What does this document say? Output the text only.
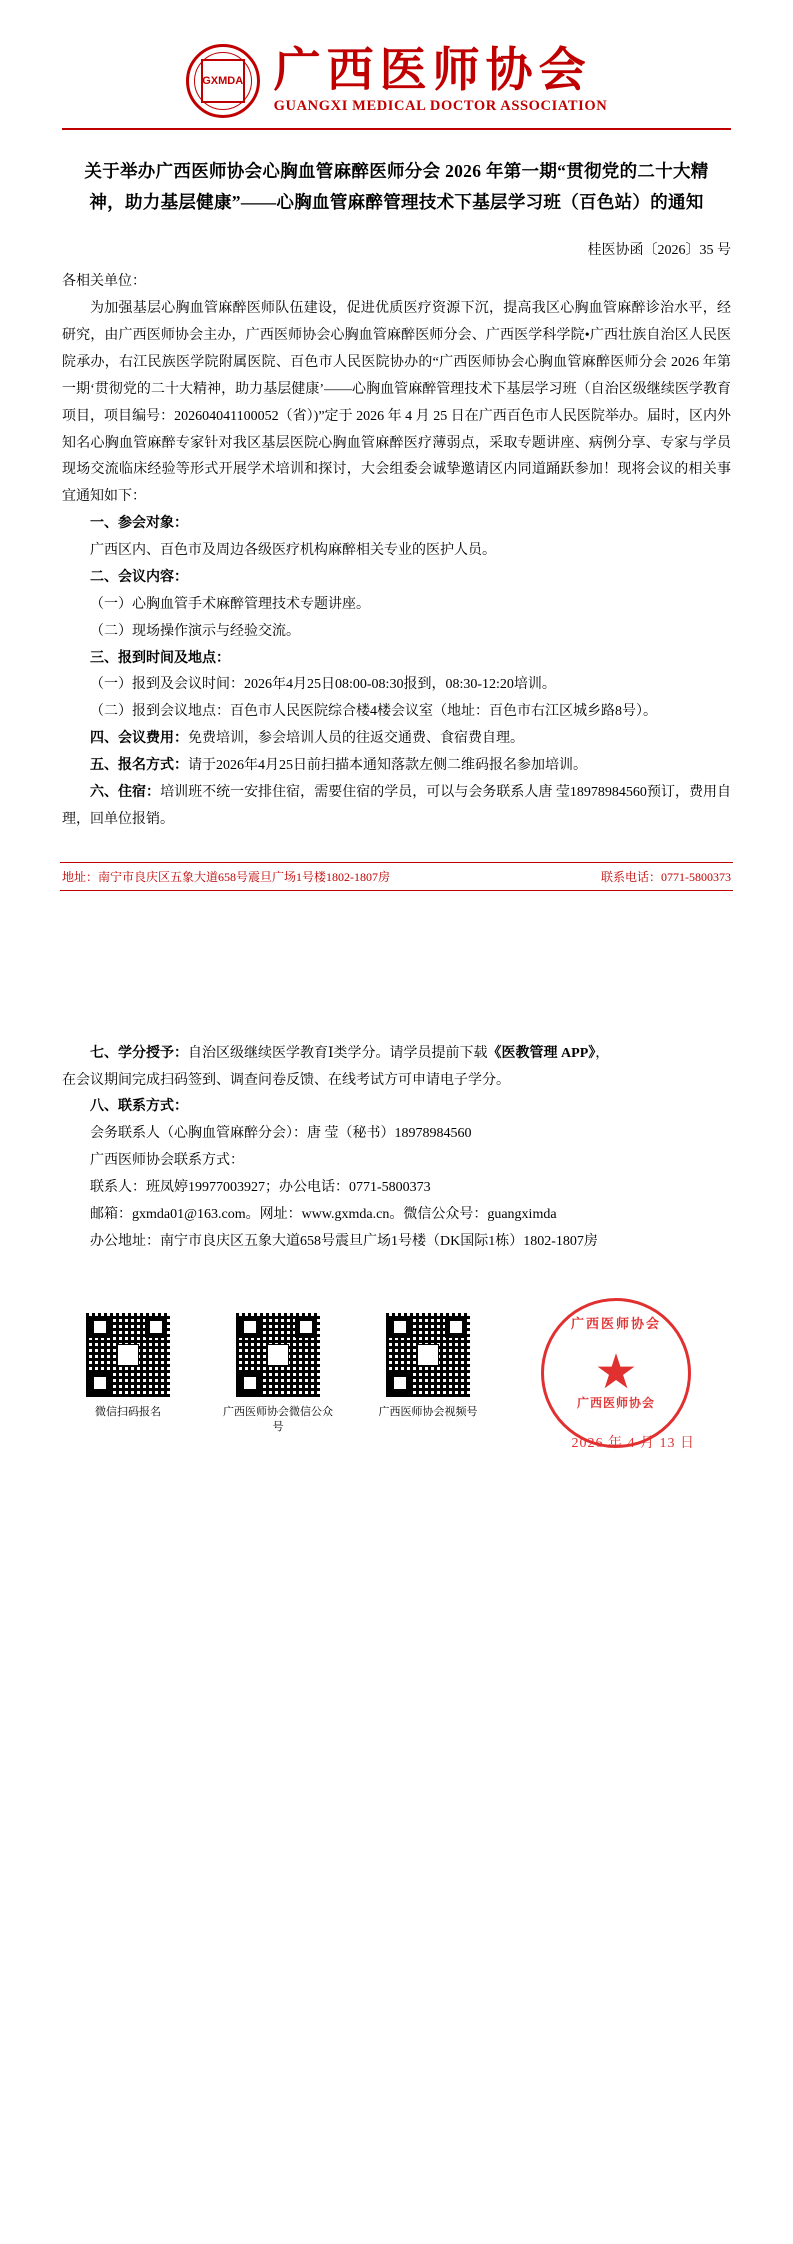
GXMDA 广西医师协会
GUANGXI MEDICAL DOCTOR ASSOCIATION
关于举办广西医师协会心胸血管麻醉医师分会 2026 年第一期“贯彻党的二十大精神，助力基层健康”——心胸血管麻醉管理技术下基层学习班（百色站）的通知
桂医协函〔2026〕35 号

各相关单位：

为加强基层心胸血管麻醉医师队伍建设，促进优质医疗资源下沉，提高我区心胸血管麻醉诊治水平，经研究，由广西医师协会主办，广西医师协会心胸血管麻醉医师分会、广西医学科学院•广西壮族自治区人民医院承办，右江民族医学院附属医院、百色市人民医院协办的“广西医师协会心胸血管麻醉医师分会 2026 年第一期‘贯彻党的二十大精神，助力基层健康’——心胸血管麻醉管理技术下基层学习班（自治区级继续医学教育项目，项目编号：202604041100052（省）)”定于 2026 年 4 月 25 日在广西百色市人民医院举办。届时，区内外知名心胸血管麻醉专家针对我区基层医院心胸血管麻醉医疗薄弱点，采取专题讲座、病例分享、专家与学员现场交流临床经验等形式开展学术培训和探讨，大会组委会诚挚邀请区内同道踊跃参加！现将会议的相关事宜通知如下：

一、参会对象：

广西区内、百色市及周边各级医疗机构麻醉相关专业的医护人员。

二、会议内容：

（一）心胸血管手术麻醉管理技术专题讲座。

（二）现场操作演示与经验交流。

三、报到时间及地点：

（一）报到及会议时间：2026年4月25日08:00-08:30报到，08:30-12:20培训。

（二）报到会议地点：百色市人民医院综合楼4楼会议室（地址：百色市右江区城乡路8号）。

四、会议费用：免费培训，参会培训人员的往返交通费、食宿费自理。

五、报名方式：请于2026年4月25日前扫描本通知落款左侧二维码报名参加培训。

六、住宿：培训班不统一安排住宿，需要住宿的学员，可以与会务联系人唐 莹18978984560预订，费用自理，回单位报销。

地址：南宁市良庆区五象大道658号震旦广场1号楼1802-1807房	联系电话：0771-5800373

七、学分授予：自治区级继续医学教育Ⅰ类学分。请学员提前下载《医教管理 APP》，

在会议期间完成扫码签到、调查问卷反馈、在线考试方可申请电子学分。

八、联系方式：

会务联系人（心胸血管麻醉分会）：唐 莹（秘书）18978984560

广西医师协会联系方式：

联系人：班凤婷19977003927；办公电话：0771-5800373

邮箱：gxmda01@163.com。网址：www.gxmda.cn。微信公众号：guangximda

办公地址：南宁市良庆区五象大道658号震旦广场1号楼（DK国际1栋）1802-1807房

微信扫码报名	广西医师协会微信公众号
广西医师协会视频号
广西医师协会
★
广西医师协会
2026 年 4 月 13 日
